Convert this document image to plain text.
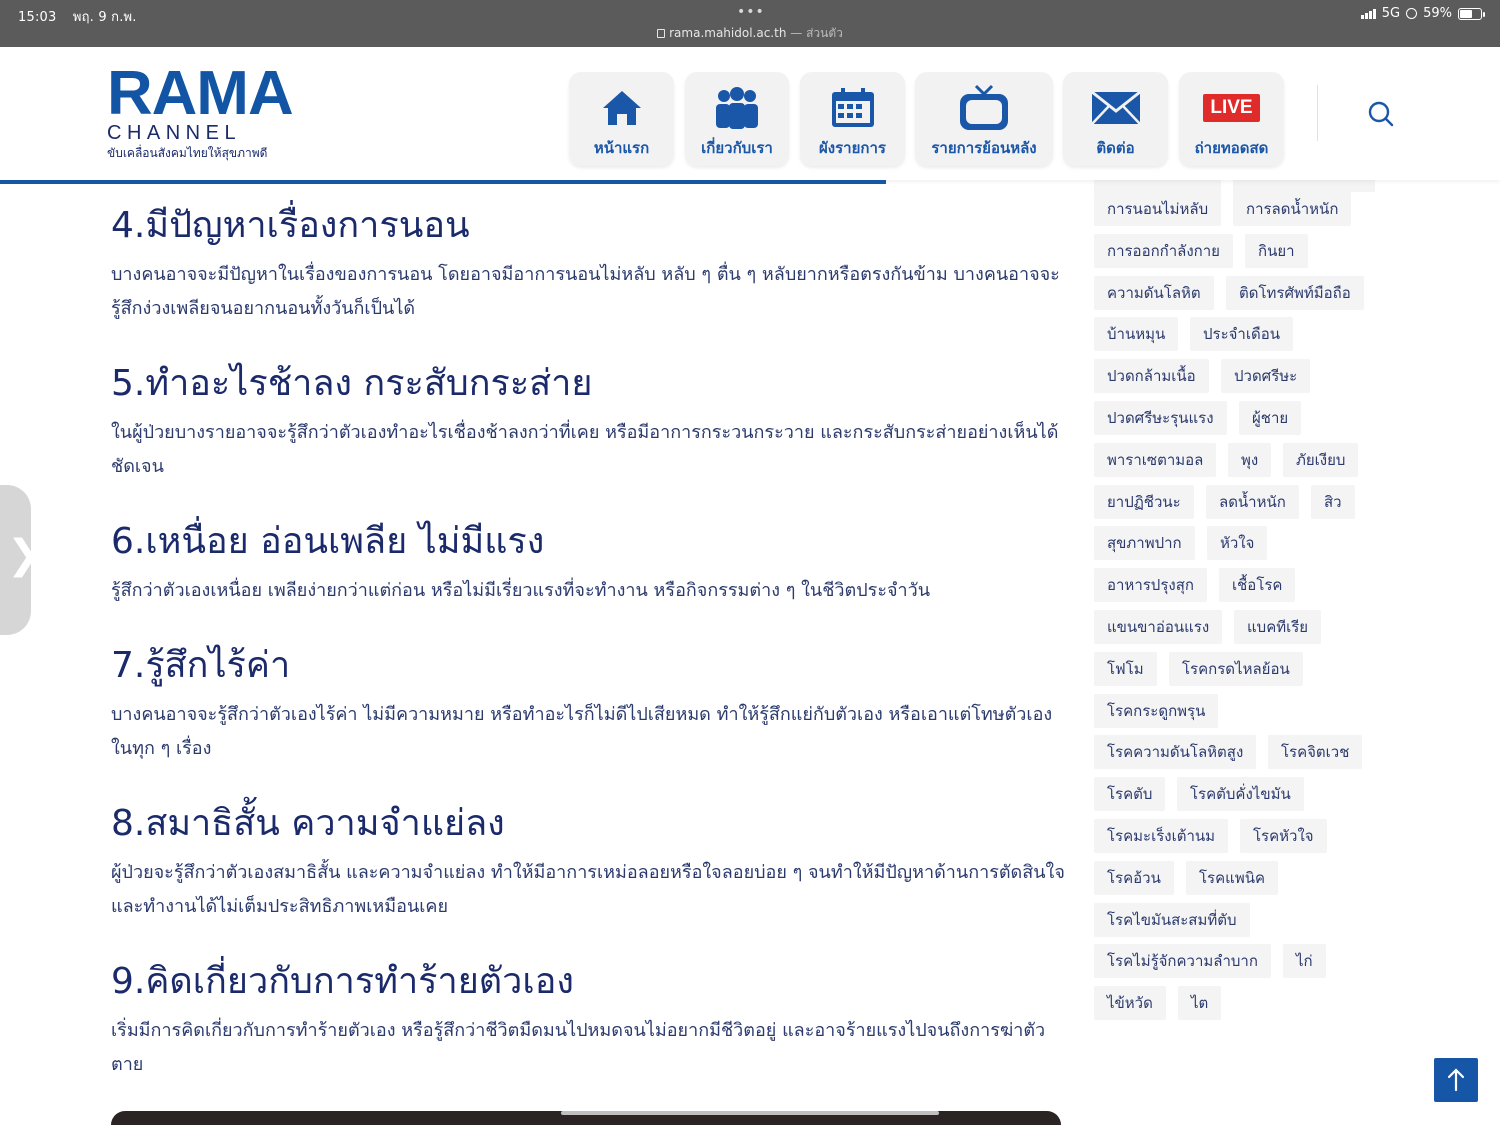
15:03 พฤ. 9 ก.พ.	•••
rama.mahidol.ac.th — ส่วนตัว
5G 59%
RAMA
CHANNEL
ขับเคลื่อนสังคมไทยให้สุขภาพดี	หน้าแรก	เกี่ยวกับเรา	ผังรายการ	รายการย้อนหลัง	ติดต่อ
LIVE
ถ่ายทอดสด
4.มีปัญหาเรื่องการนอน

บางคนอาจจะมีปัญหาในเรื่องของการนอน โดยอาจมีอาการนอนไม่หลับ หลับ ๆ ตื่น ๆ หลับยากหรือตรงกันข้าม บางคนอาจจะรู้สึกง่วงเพลียจนอยากนอนทั้งวันก็เป็นได้

5.ทำอะไรช้าลง กระสับกระส่าย

ในผู้ป่วยบางรายอาจจะรู้สึกว่าตัวเองทำอะไรเชื่องช้าลงกว่าที่เคย หรือมีอาการกระวนกระวาย และกระสับกระส่ายอย่างเห็นได้ชัดเจน

6.เหนื่อย อ่อนเพลีย ไม่มีแรง

รู้สึกว่าตัวเองเหนื่อย เพลียง่ายกว่าแต่ก่อน หรือไม่มีเรี่ยวแรงที่จะทำงาน หรือกิจกรรมต่าง ๆ ในชีวิตประจำวัน

7.รู้สึกไร้ค่า

บางคนอาจจะรู้สึกว่าตัวเองไร้ค่า ไม่มีความหมาย หรือทำอะไรก็ไม่ดีไปเสียหมด ทำให้รู้สึกแย่กับตัวเอง หรือเอาแต่โทษตัวเองในทุก ๆ เรื่อง

8.สมาธิสั้น ความจำแย่ลง

ผู้ป่วยจะรู้สึกว่าตัวเองสมาธิสั้น และความจำแย่ลง ทำให้มีอาการเหม่อลอยหรือใจลอยบ่อย ๆ จนทำให้มีปัญหาด้านการตัดสินใจ และทำงานได้ไม่เต็มประสิทธิภาพเหมือนเคย

9.คิดเกี่ยวกับการทำร้ายตัวเอง

เริ่มมีการคิดเกี่ยวกับการทำร้ายตัวเอง หรือรู้สึกว่าชีวิตมืดมนไปหมดจนไม่อยากมีชีวิตอยู่ และอาจร้ายแรงไปจนถึงการฆ่าตัวตาย

การนอนไม่หลับ	การลดน้ำหนัก
การออกกำลังกาย	กินยา
ความดันโลหิต	ติดโทรศัพท์มือถือ
บ้านหมุน	ประจำเดือน
ปวดกล้ามเนื้อ	ปวดศรีษะ
ปวดศรีษะรุนแรง	ผู้ชาย
พาราเซตามอล	พุง	ภัยเงียบ
ยาปฏิชีวนะ	ลดน้ำหนัก	สิว
สุขภาพปาก	หัวใจ
อาหารปรุงสุก	เชื้อโรค
แขนขาอ่อนแรง	แบคทีเรีย
โฟโม	โรคกรดไหลย้อน
โรคกระดูกพรุน
โรคความดันโลหิตสูง	โรคจิตเวช
โรคตับ	โรคตับคั่งไขมัน
โรคมะเร็งเต้านม	โรคหัวใจ
โรคอ้วน	โรคแพนิค
โรคไขมันสะสมที่ตับ
โรคไม่รู้จักความลำบาก	ไก่
ไข้หวัด	ไต
❯
